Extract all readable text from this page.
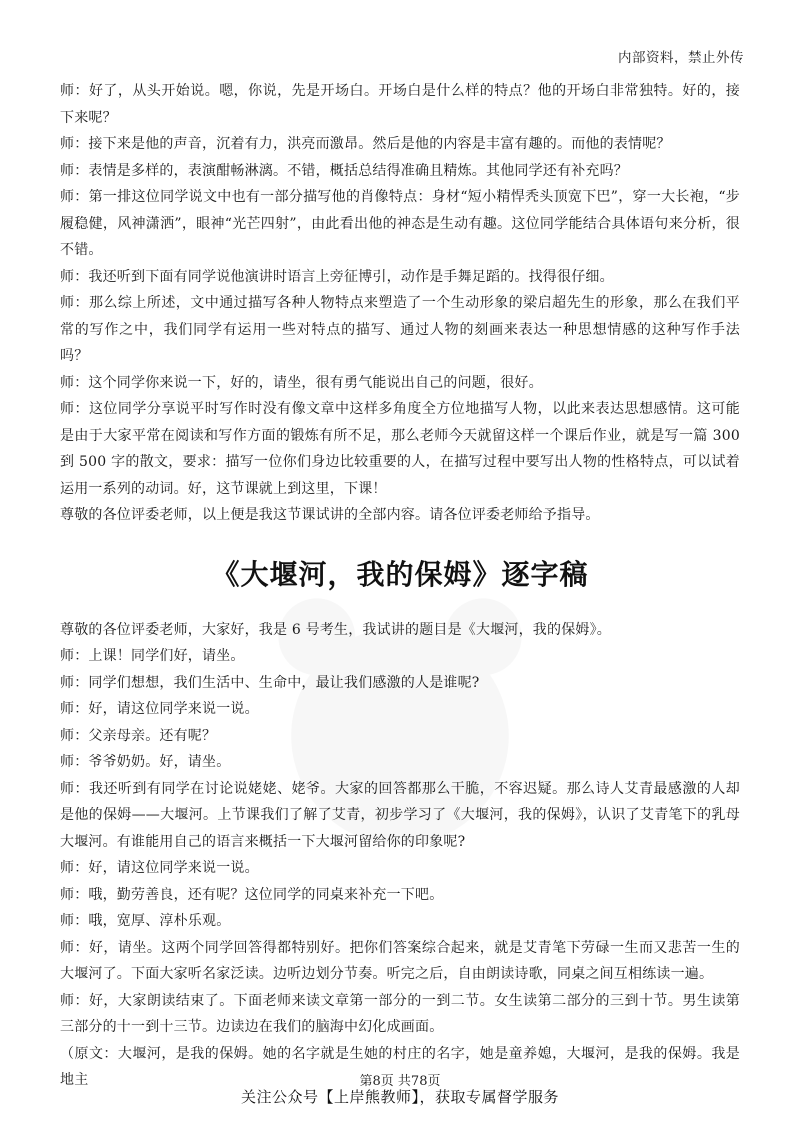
内部资料，禁止外传

师：好了，从头开始说。嗯，你说，先是开场白。开场白是什么样的特点？他的开场白非常独特。好的，接下来呢？

师：接下来是他的声音，沉着有力，洪亮而激昂。然后是他的内容是丰富有趣的。而他的表情呢？

师：表情是多样的，表演酣畅淋漓。不错，概括总结得准确且精炼。其他同学还有补充吗？

师：第一排这位同学说文中也有一部分描写他的肖像特点：身材“短小精悍秃头顶宽下巴”，穿一大长袍，“步履稳健，风神潇洒”，眼神“光芒四射”，由此看出他的神态是生动有趣。这位同学能结合具体语句来分析，很不错。

师：我还听到下面有同学说他演讲时语言上旁征博引，动作是手舞足蹈的。找得很仔细。

师：那么综上所述，文中通过描写各种人物特点来塑造了一个生动形象的梁启超先生的形象，那么在我们平常的写作之中，我们同学有运用一些对特点的描写、通过人物的刻画来表达一种思想情感的这种写作手法吗？

师：这个同学你来说一下，好的，请坐，很有勇气能说出自己的问题，很好。

师：这位同学分享说平时写作时没有像文章中这样多角度全方位地描写人物，以此来表达思想感情。这可能是由于大家平常在阅读和写作方面的锻炼有所不足，那么老师今天就留这样一个课后作业，就是写一篇 300 到 500 字的散文，要求：描写一位你们身边比较重要的人，在描写过程中要写出人物的性格特点，可以试着运用一系列的动词。好，这节课就上到这里，下课！

尊敬的各位评委老师，以上便是我这节课试讲的全部内容。请各位评委老师给予指导。

《大堰河，我的保姆》逐字稿

尊敬的各位评委老师，大家好，我是 6 号考生，我试讲的题目是《大堰河，我的保姆》。

师：上课！同学们好，请坐。

师：同学们想想，我们生活中、生命中，最让我们感激的人是谁呢?

师：好，请这位同学来说一说。

师：父亲母亲。还有呢？

师：爷爷奶奶。好，请坐。

师：我还听到有同学在讨论说姥姥、姥爷。大家的回答都那么干脆，不容迟疑。那么诗人艾青最感激的人却是他的保姆——大堰河。上节课我们了解了艾青，初步学习了《大堰河，我的保姆》，认识了艾青笔下的乳母大堰河。有谁能用自己的语言来概括一下大堰河留给你的印象呢?

师：好，请这位同学来说一说。

师：哦，勤劳善良，还有呢？这位同学的同桌来补充一下吧。

师：哦，宽厚、淳朴乐观。

师：好，请坐。这两个同学回答得都特别好。把你们答案综合起来，就是艾青笔下劳碌一生而又悲苦一生的大堰河了。下面大家听名家泛读。边听边划分节奏。听完之后，自由朗读诗歌，同桌之间互相练读一遍。

师：好，大家朗读结束了。下面老师来读文章第一部分的一到二节。女生读第二部分的三到十节。男生读第三部分的十一到十三节。边读边在我们的脑海中幻化成画面。

（原文：大堰河，是我的保姆。她的名字就是生她的村庄的名字，她是童养媳，大堰河，是我的保姆。我是地主	第8页 共78页
关注公众号【上岸熊教师】，获取专属督学服务
